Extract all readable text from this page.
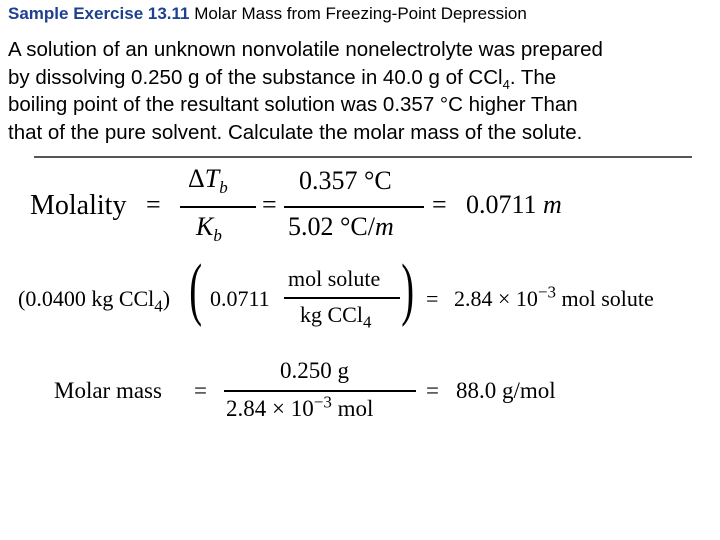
Sample Exercise 13.11 Molar Mass from Freezing-Point Depression
A solution of an unknown nonvolatile nonelectrolyte was prepared
by dissolving 0.250 g of the substance in 40.0 g of CCl$_4$. The
boiling point of the resultant solution was 0.357 °C higher Than
that of the pure solvent. Calculate the molar mass of the solute.
Molality =
$\Delta T_b$
$K_b$
=
0.357 °C
5.02 °C/m
= 0.0711 m
(0.0400 kg CCl$_4$) ( 0.0711
mol solute
kg CCl$_4$ ) = $2.84 \times 10^{-3}$ mol solute
Molar mass =
0.250 g
$2.84 \times 10^{-3}$ mol
= 88.0 g/mol
